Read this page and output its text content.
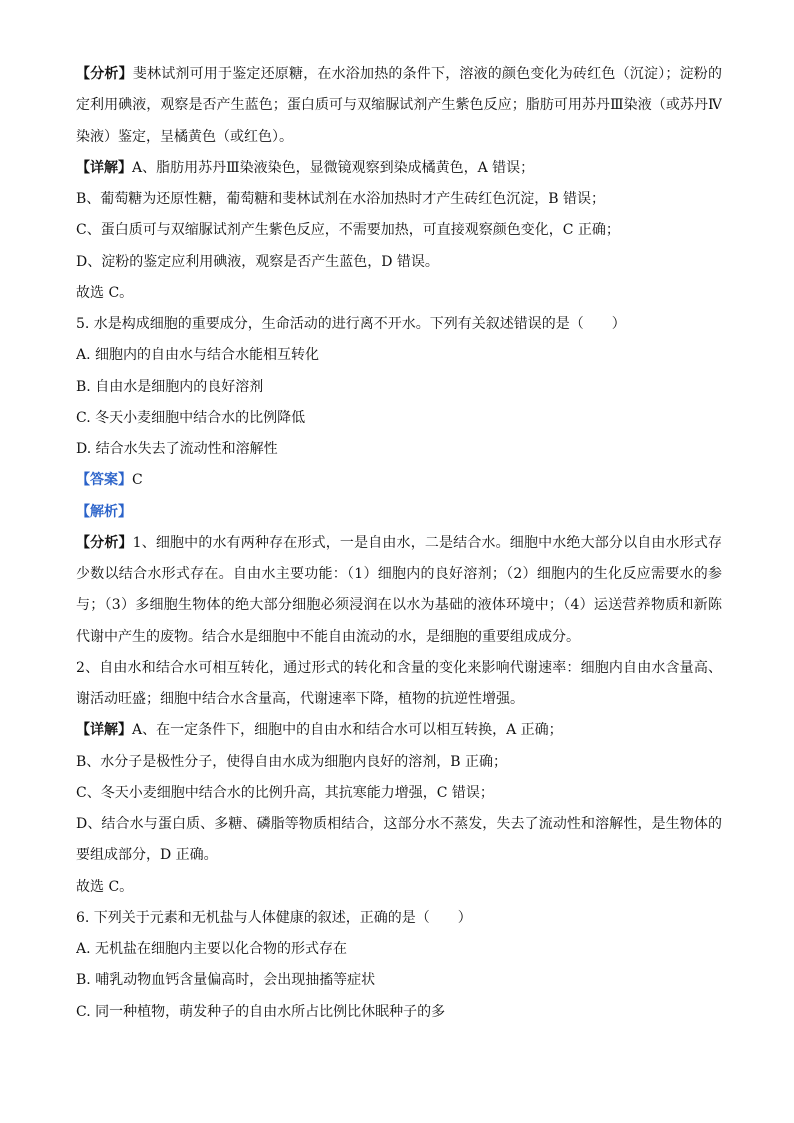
【分析】斐林试剂可用于鉴定还原糖，在水浴加热的条件下，溶液的颜色变化为砖红色（沉淀）；淀粉的
定利用碘液，观察是否产生蓝色；蛋白质可与双缩脲试剂产生紫色反应；脂肪可用苏丹Ⅲ染液（或苏丹Ⅳ
染液）鉴定，呈橘黄色（或红色）。
【详解】A、脂肪用苏丹Ⅲ染液染色，显微镜观察到染成橘黄色，A 错误；
B、葡萄糖为还原性糖，葡萄糖和斐林试剂在水浴加热时才产生砖红色沉淀，B 错误；
C、蛋白质可与双缩脲试剂产生紫色反应，不需要加热，可直接观察颜色变化，C 正确；
D、淀粉的鉴定应利用碘液，观察是否产生蓝色，D 错误。
故选 C。
5. 水是构成细胞的重要成分，生命活动的进行离不开水。下列有关叙述错误的是（　　）
A. 细胞内的自由水与结合水能相互转化
B. 自由水是细胞内的良好溶剂
C. 冬天小麦细胞中结合水的比例降低
D. 结合水失去了流动性和溶解性
【答案】C
【解析】
【分析】1、细胞中的水有两种存在形式，一是自由水，二是结合水。细胞中水绝大部分以自由水形式存
少数以结合水形式存在。自由水主要功能：（1）细胞内的良好溶剂；（2）细胞内的生化反应需要水的参
与；（3）多细胞生物体的绝大部分细胞必须浸润在以水为基础的液体环境中；（4）运送营养物质和新陈
代谢中产生的废物。结合水是细胞中不能自由流动的水，是细胞的重要组成成分。
2、自由水和结合水可相互转化，通过形式的转化和含量的变化来影响代谢速率：细胞内自由水含量高、
谢活动旺盛；细胞中结合水含量高，代谢速率下降，植物的抗逆性增强。
【详解】A、在一定条件下，细胞中的自由水和结合水可以相互转换，A 正确；
B、水分子是极性分子，使得自由水成为细胞内良好的溶剂，B 正确；
C、冬天小麦细胞中结合水的比例升高，其抗寒能力增强，C 错误；
D、结合水与蛋白质、多糖、磷脂等物质相结合，这部分水不蒸发，失去了流动性和溶解性，是生物体的
要组成部分，D 正确。
故选 C。
6. 下列关于元素和无机盐与人体健康的叙述，正确的是（　　）
A. 无机盐在细胞内主要以化合物的形式存在
B. 哺乳动物血钙含量偏高时，会出现抽搐等症状
C. 同一种植物，萌发种子的自由水所占比例比休眠种子的多
